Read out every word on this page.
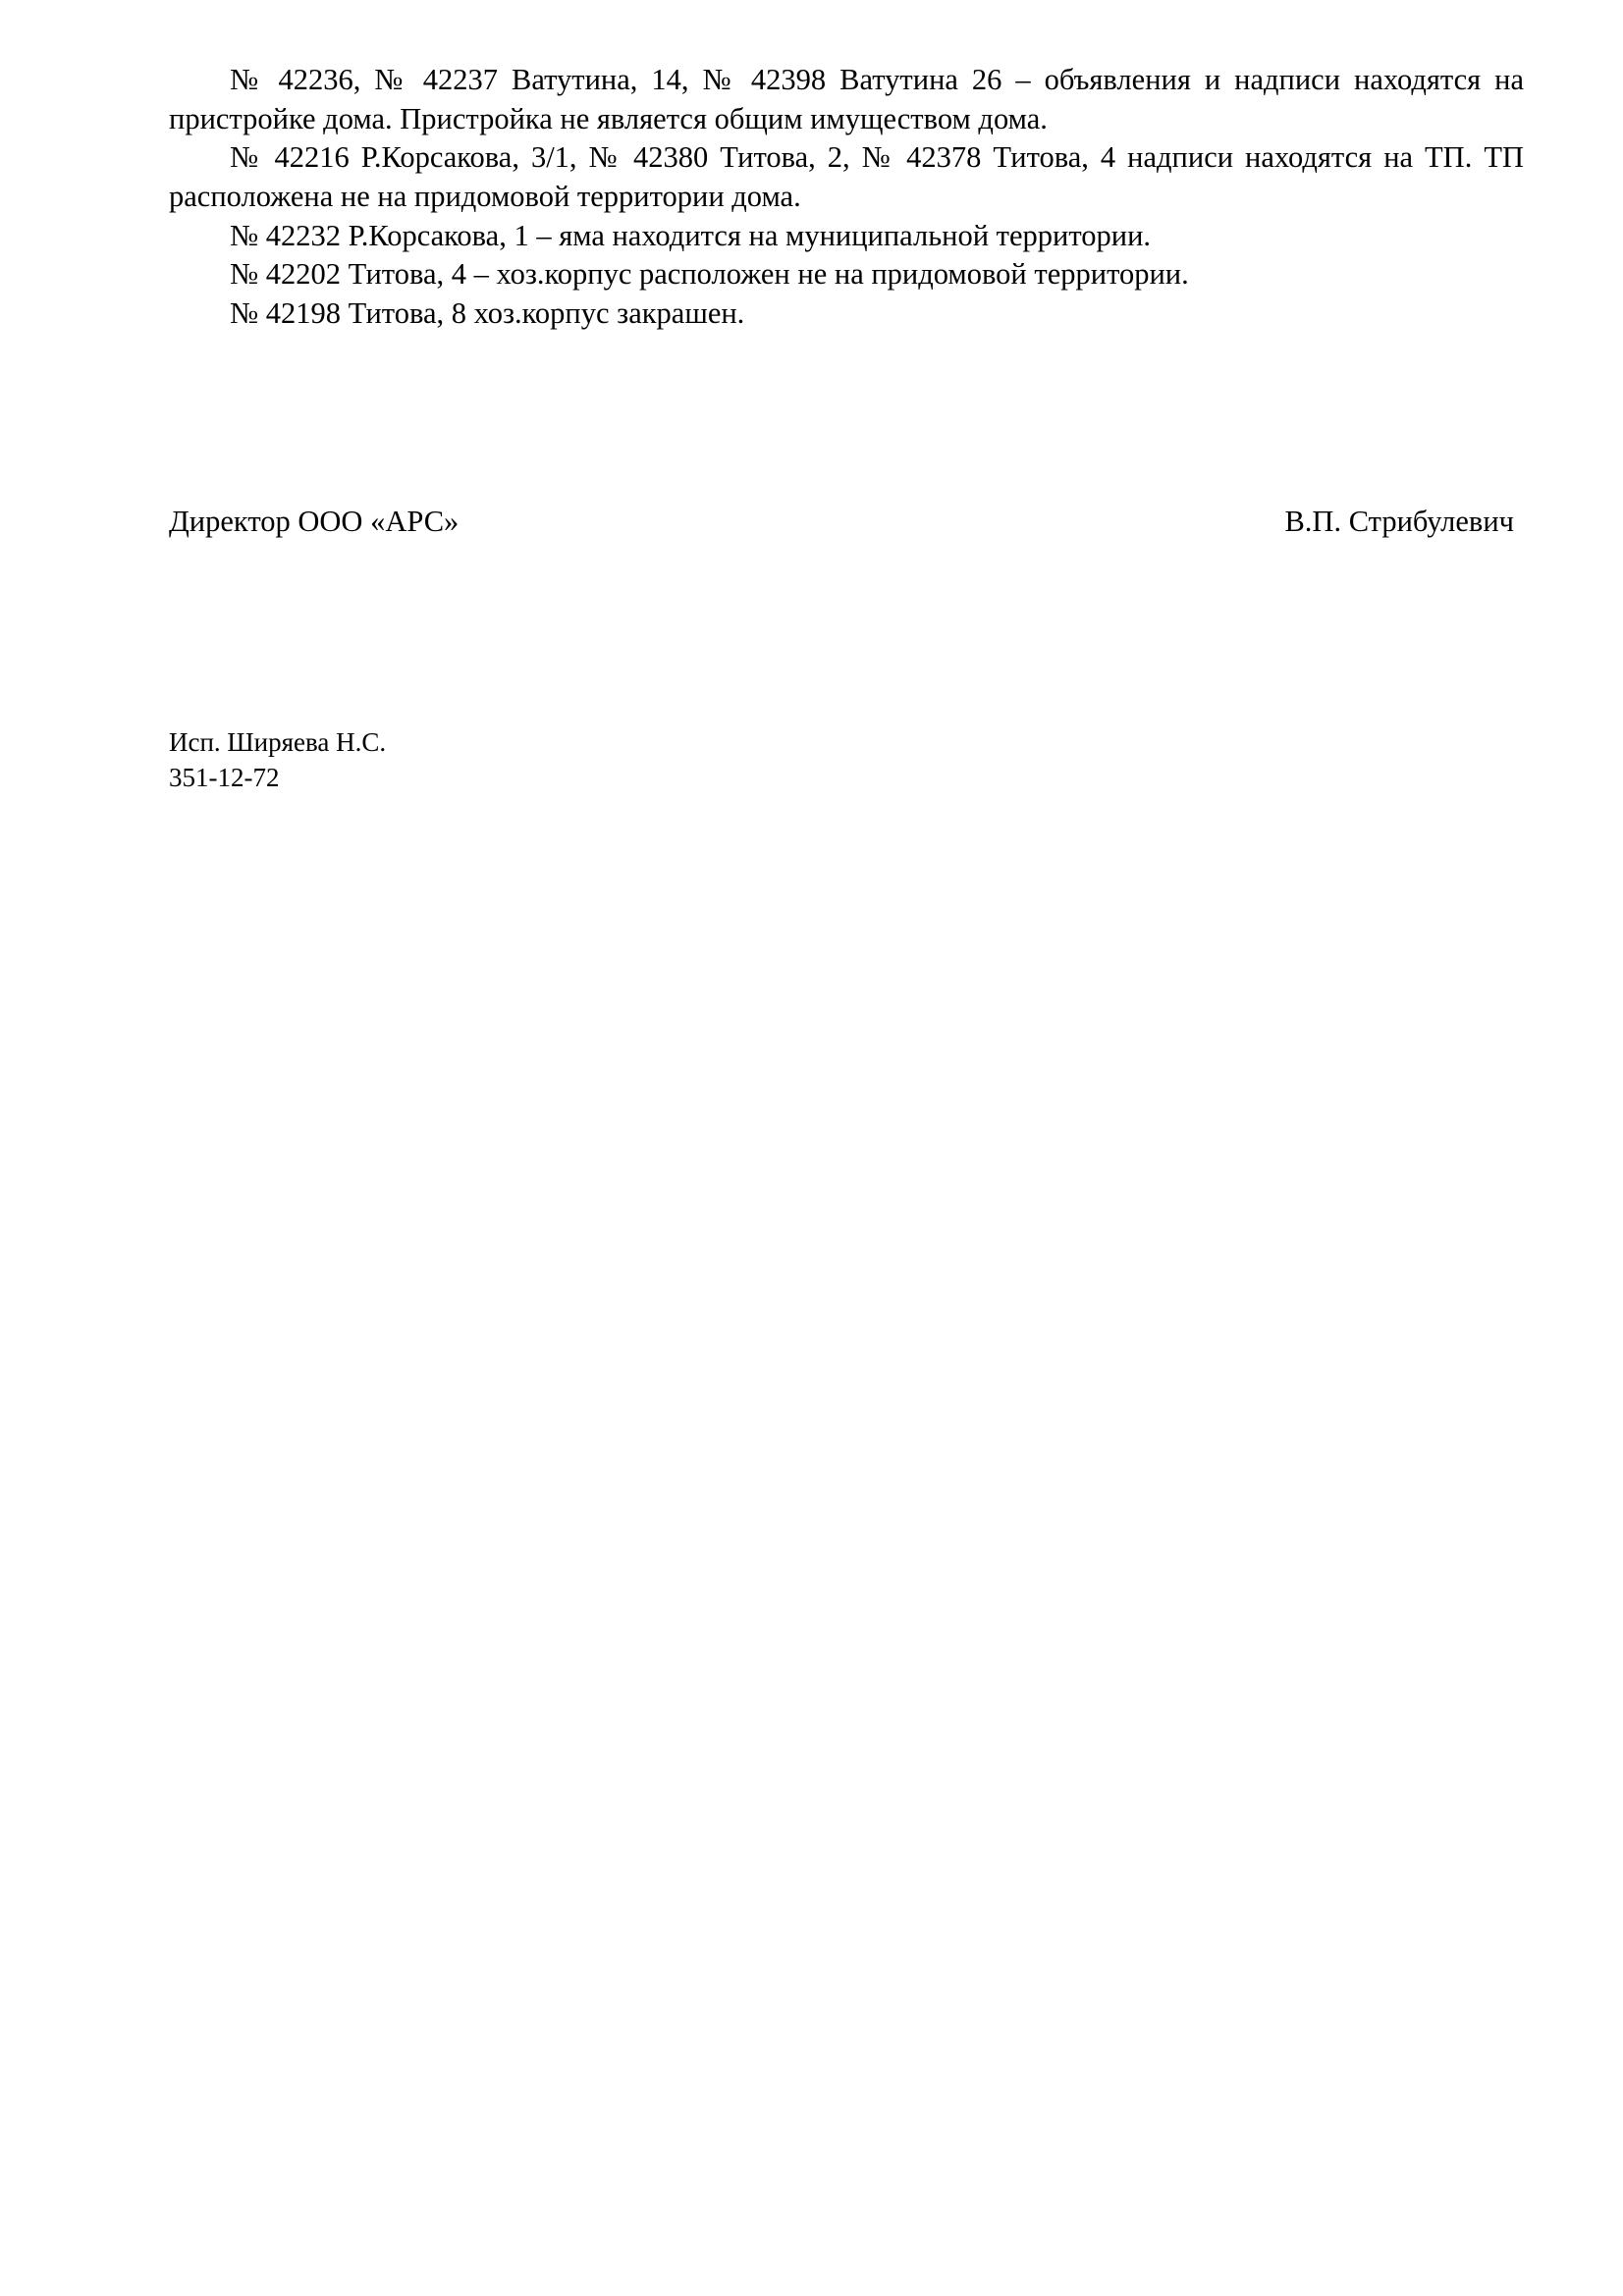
№ 42236, № 42237 Ватутина, 14, № 42398 Ватутина 26 – объявления и надписи находятся на пристройке дома. Пристройка не является общим имуществом дома.

№ 42216 Р.Корсакова, 3/1, № 42380 Титова, 2, № 42378 Титова, 4 надписи находятся на ТП. ТП расположена не на придомовой территории дома.

№ 42232 Р.Корсакова, 1 – яма находится на муниципальной территории.

№ 42202 Титова, 4 – хоз.корпус расположен не на придомовой территории.

№ 42198 Титова, 8 хоз.корпус закрашен.

Директор ООО «АРС»	В.П. Стрибулевич
Исп. Ширяева Н.С.
351-12-72
